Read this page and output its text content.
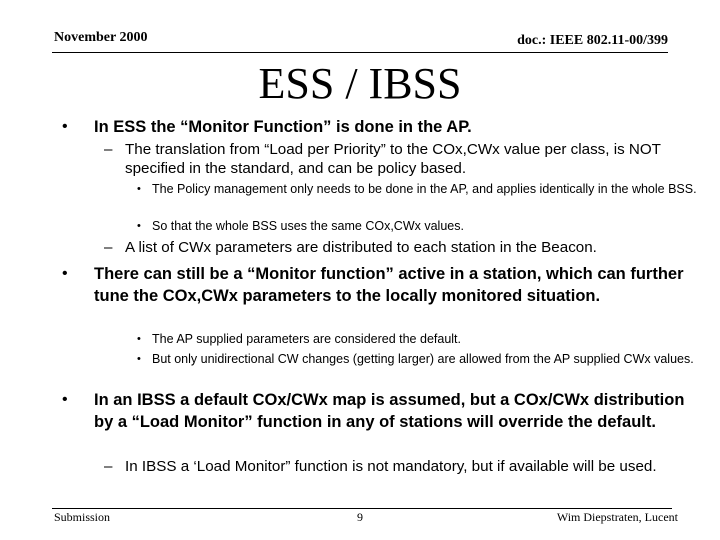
November 2000	doc.: IEEE 802.11-00/399
ESS / IBSS
• In ESS the “Monitor Function” is done in the AP.
– The translation from “Load per Priority” to the COx,CWx value per class, is NOT specified in the standard, and can be policy based.
• The Policy management only needs to be done in the AP, and applies identically in the whole BSS.
• So that the whole BSS uses the same COx,CWx values.
– A list of CWx parameters are distributed to each station in the Beacon.
• There can still be a “Monitor function” active in a station, which can further tune the COx,CWx parameters to the locally monitored situation.
• The AP supplied parameters are considered the default.
• But only unidirectional CW changes (getting larger) are allowed from the AP supplied CWx values.
• In an IBSS a default COx/CWx map is assumed, but a COx/CWx distribution by a “Load Monitor” function in any of stations will override the default.
– In IBSS a ‘Load Monitor” function is not mandatory, but if available will be used.
Submission	9	Wim Diepstraten, Lucent
